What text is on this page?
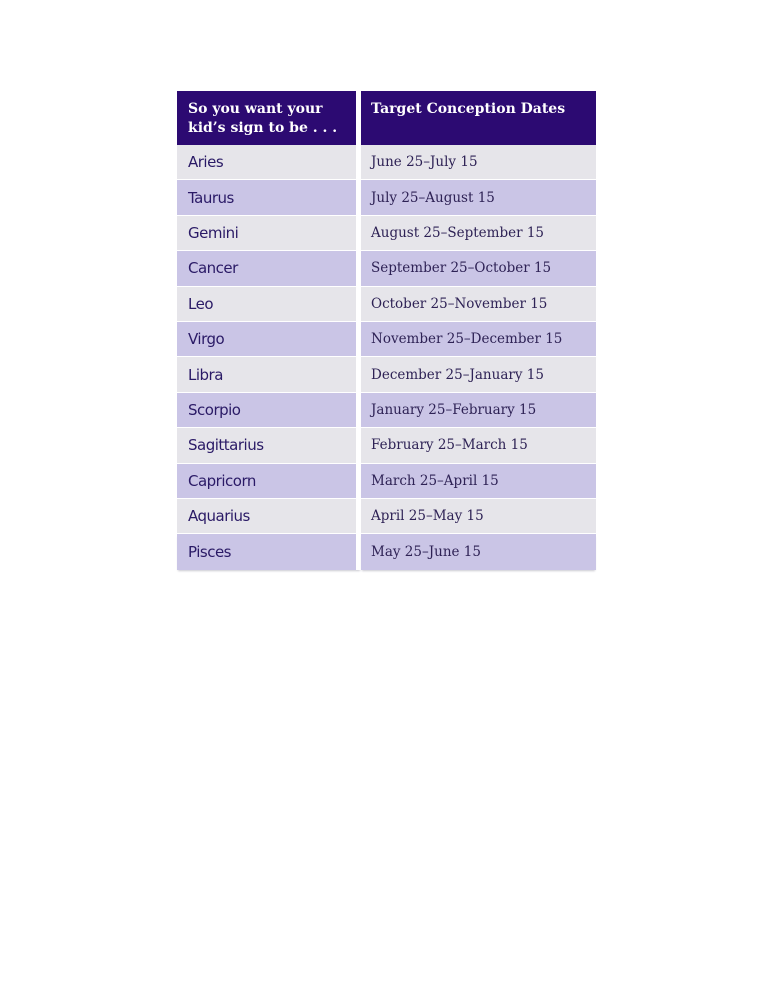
So you want your kid’s sign to be . . .	Target Conception Dates
Aries	June 25–July 15
Taurus	July 25–August 15
Gemini	August 25–September 15
Cancer	September 25–October 15
Leo	October 25–November 15
Virgo	November 25–December 15
Libra	December 25–January 15
Scorpio	January 25–February 15
Sagittarius	February 25–March 15
Capricorn	March 25–April 15
Aquarius	April 25–May 15
Pisces	May 25–June 15
